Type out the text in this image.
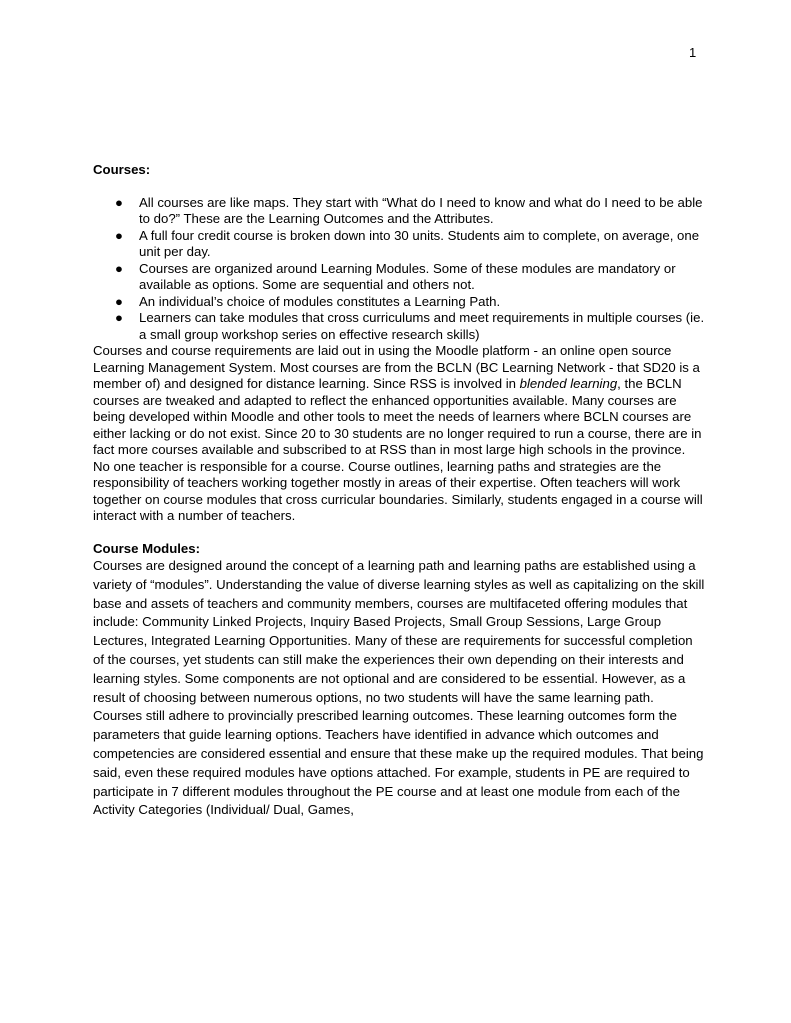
1

Courses:

● All courses are like maps. They start with “What do I need to know and what do I need to be able to do?” These are the Learning Outcomes and the Attributes.
● A full four credit course is broken down into 30 units. Students aim to complete, on average, one unit per day.
● Courses are organized around Learning Modules. Some of these modules are mandatory or available as options. Some are sequential and others not.
● An individual’s choice of modules constitutes a Learning Path.
● Learners can take modules that cross curriculums and meet requirements in multiple courses (ie. a small group workshop series on effective research skills)

Courses and course requirements are laid out in using the Moodle platform - an online open source Learning Management System. Most courses are from the BCLN (BC Learning Network - that SD20 is a member of) and designed for distance learning. Since RSS is involved in blended learning, the BCLN courses are tweaked and adapted to reflect the enhanced opportunities available. Many courses are being developed within Moodle and other tools to meet the needs of learners where BCLN courses are either lacking or do not exist. Since 20 to 30 students are no longer required to run a course, there are in fact more courses available and subscribed to at RSS than in most large high schools in the province.

No one teacher is responsible for a course. Course outlines, learning paths and strategies are the responsibility of teachers working together mostly in areas of their expertise. Often teachers will work together on course modules that cross curricular boundaries. Similarly, students engaged in a course will interact with a number of teachers.

Course Modules:

Courses are designed around the concept of a learning path and learning paths are established using a variety of “modules”. Understanding the value of diverse learning styles as well as capitalizing on the skill base and assets of teachers and community members, courses are multifaceted offering modules that include: Community Linked Projects, Inquiry Based Projects, Small Group Sessions, Large Group Lectures, Integrated Learning Opportunities. Many of these are requirements for successful completion of the courses, yet students can still make the experiences their own depending on their interests and learning styles. Some components are not optional and are considered to be essential. However, as a result of choosing between numerous options, no two students will have the same learning path.

Courses still adhere to provincially prescribed learning outcomes. These learning outcomes form the parameters that guide learning options. Teachers have identified in advance which outcomes and competencies are considered essential and ensure that these make up the required modules. That being said, even these required modules have options attached. For example, students in PE are required to participate in 7 different modules throughout the PE course and at least one module from each of the Activity Categories (Individual/ Dual, Games,
